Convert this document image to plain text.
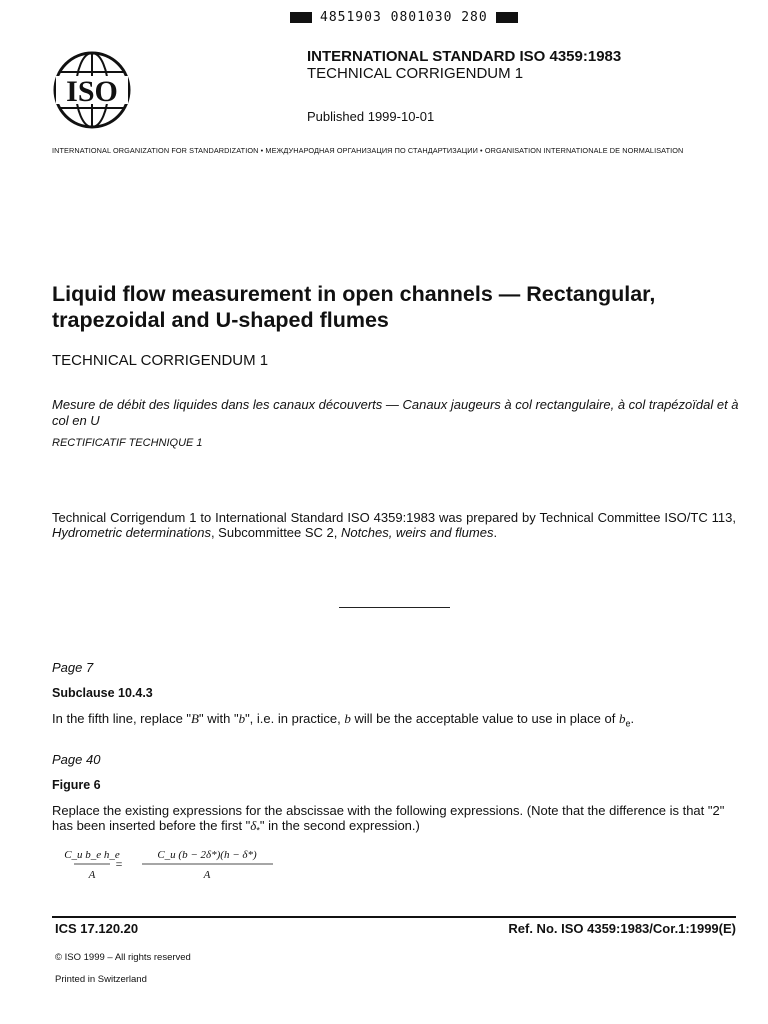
4851903 0801030 280
ISO
INTERNATIONAL STANDARD ISO 4359:1983
TECHNICAL CORRIGENDUM 1
Published 1999-10-01
INTERNATIONAL ORGANIZATION FOR STANDARDIZATION • МЕЖДУНАРОДНАЯ ОРГАНИЗАЦИЯ ПО СТАНДАРТИЗАЦИИ • ORGANISATION INTERNATIONALE DE NORMALISATION
Liquid flow measurement in open channels — Rectangular, trapezoidal and U-shaped flumes
TECHNICAL CORRIGENDUM 1
Mesure de débit des liquides dans les canaux découverts — Canaux jaugeurs à col rectangulaire, à col trapézoïdal et à col en U
RECTIFICATIF TECHNIQUE 1
Technical Corrigendum 1 to International Standard ISO 4359:1983 was prepared by Technical Committee ISO/TC 113, Hydrometric determinations, Subcommittee SC 2, Notches, weirs and flumes.
Page 7
Subclause 10.4.3
In the fifth line, replace "B" with "b", i.e. in practice, b will be the acceptable value to use in place of $b_e$.
Page 40
Figure 6
Replace the existing expressions for the abscissae with the following expressions. (Note that the difference is that "2" has been inserted before the first "$\delta_*$" in the second expression.)
C_u b_e h_e
A
=
C_u (b − 2δ*)(h − δ*)
A
ICS 17.120.20	Ref. No. ISO 4359:1983/Cor.1:1999(E)
© ISO 1999 – All rights reserved
Printed in Switzerland
